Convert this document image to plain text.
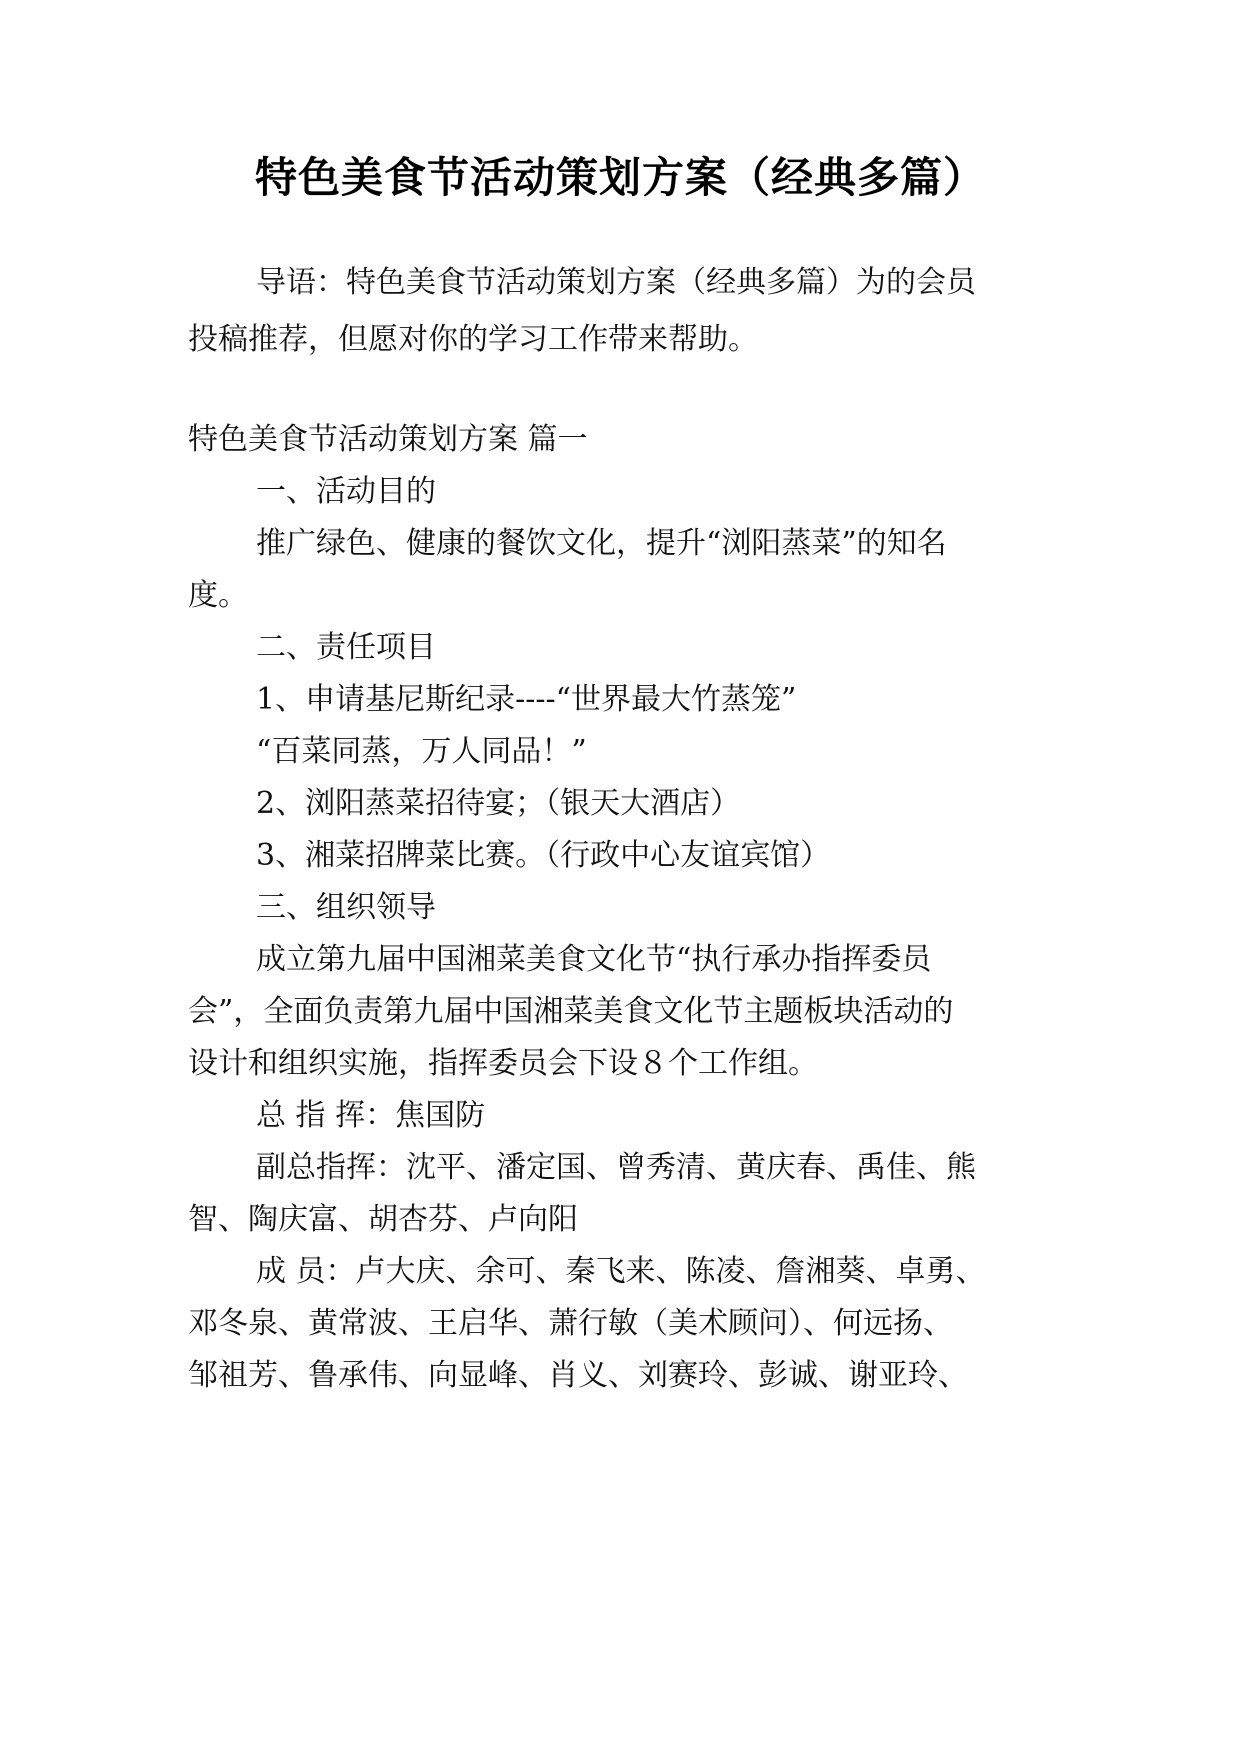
特色美食节活动策划方案（经典多篇）
导语：特色美食节活动策划方案（经典多篇）为的会员
投稿推荐，但愿对你的学习工作带来帮助。
特色美食节活动策划方案 篇一
一、活动目的
推广绿色、健康的餐饮文化，提升“浏阳蒸菜”的知名
度。
二、责任项目
1、申请基尼斯纪录----“世界最大竹蒸笼”
“百菜同蒸，万人同品！”
2、浏阳蒸菜招待宴；（银天大酒店）
3、湘菜招牌菜比赛。（行政中心友谊宾馆）
三、组织领导
成立第九届中国湘菜美食文化节“执行承办指挥委员
会”，全面负责第九届中国湘菜美食文化节主题板块活动的
设计和组织实施，指挥委员会下设８个工作组。
总 指 挥：焦国防
副总指挥：沈平、潘定国、曾秀清、黄庆春、禹佳、熊
智、陶庆富、胡杏芬、卢向阳
成 员：卢大庆、余可、秦飞来、陈凌、詹湘葵、卓勇、
邓冬泉、黄常波、王启华、萧行敏（美术顾问）、何远扬、
邹祖芳、鲁承伟、向显峰、肖义、刘赛玲、彭诚、谢亚玲、
